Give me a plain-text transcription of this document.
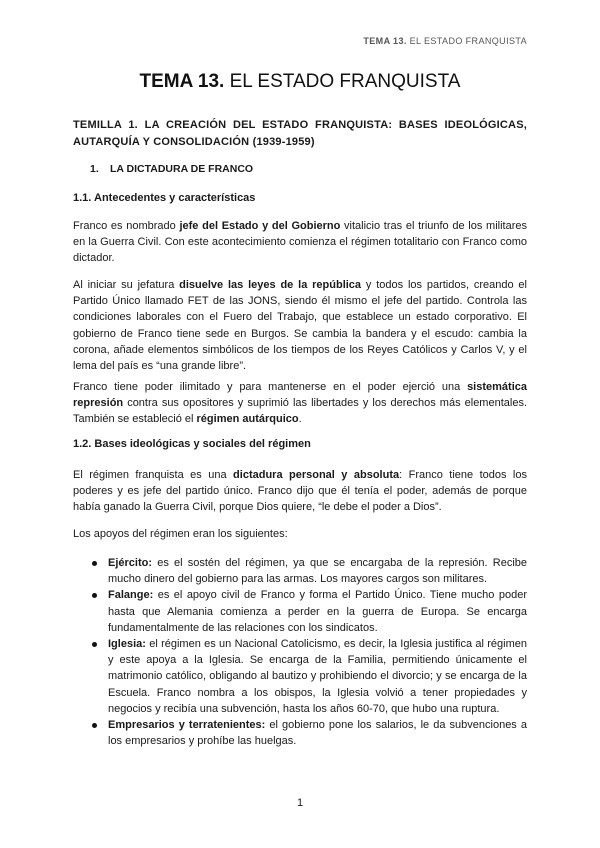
TEMA 13. EL ESTADO FRANQUISTA
TEMA 13. EL ESTADO FRANQUISTA

TEMILLA 1. LA CREACIÓN DEL ESTADO FRANQUISTA: BASES IDEOLÓGICAS, AUTARQUÍA Y CONSOLIDACIÓN (1939-1959)

1. LA DICTADURA DE FRANCO
1.1. Antecedentes y características

Franco es nombrado jefe del Estado y del Gobierno vitalicio tras el triunfo de los militares en la Guerra Civil. Con este acontecimiento comienza el régimen totalitario con Franco como dictador.

Al iniciar su jefatura disuelve las leyes de la república y todos los partidos, creando el Partido Único llamado FET de las JONS, siendo él mismo el jefe del partido. Controla las condiciones laborales con el Fuero del Trabajo, que establece un estado corporativo. El gobierno de Franco tiene sede en Burgos. Se cambia la bandera y el escudo: cambia la corona, añade elementos simbólicos de los tiempos de los Reyes Católicos y Carlos V, y el lema del país es “una grande libre”.

Franco tiene poder ilimitado y para mantenerse en el poder ejerció una sistemática represión contra sus opositores y suprimió las libertades y los derechos más elementales. También se estableció el régimen autárquico.

1.2. Bases ideológicas y sociales del régimen

El régimen franquista es una dictadura personal y absoluta: Franco tiene todos los poderes y es jefe del partido único. Franco dijo que él tenía el poder, además de porque había ganado la Guerra Civil, porque Dios quiere, “le debe el poder a Dios”.

Los apoyos del régimen eran los siguientes:

Ejército: es el sostén del régimen, ya que se encargaba de la represión. Recibe mucho dinero del gobierno para las armas. Los mayores cargos son militares.
Falange: es el apoyo civil de Franco y forma el Partido Único. Tiene mucho poder hasta que Alemania comienza a perder en la guerra de Europa. Se encarga fundamentalmente de las relaciones con los sindicatos.
Iglesia: el régimen es un Nacional Catolicismo, es decir, la Iglesia justifica al régimen y este apoya a la Iglesia. Se encarga de la Familia, permitiendo únicamente el matrimonio católico, obligando al bautizo y prohibiendo el divorcio; y se encarga de la Escuela. Franco nombra a los obispos, la Iglesia volvió a tener propiedades y negocios y recibía una subvención, hasta los años 60-70, que hubo una ruptura.
Empresarios y terratenientes: el gobierno pone los salarios, le da subvenciones a los empresarios y prohíbe las huelgas.
1
